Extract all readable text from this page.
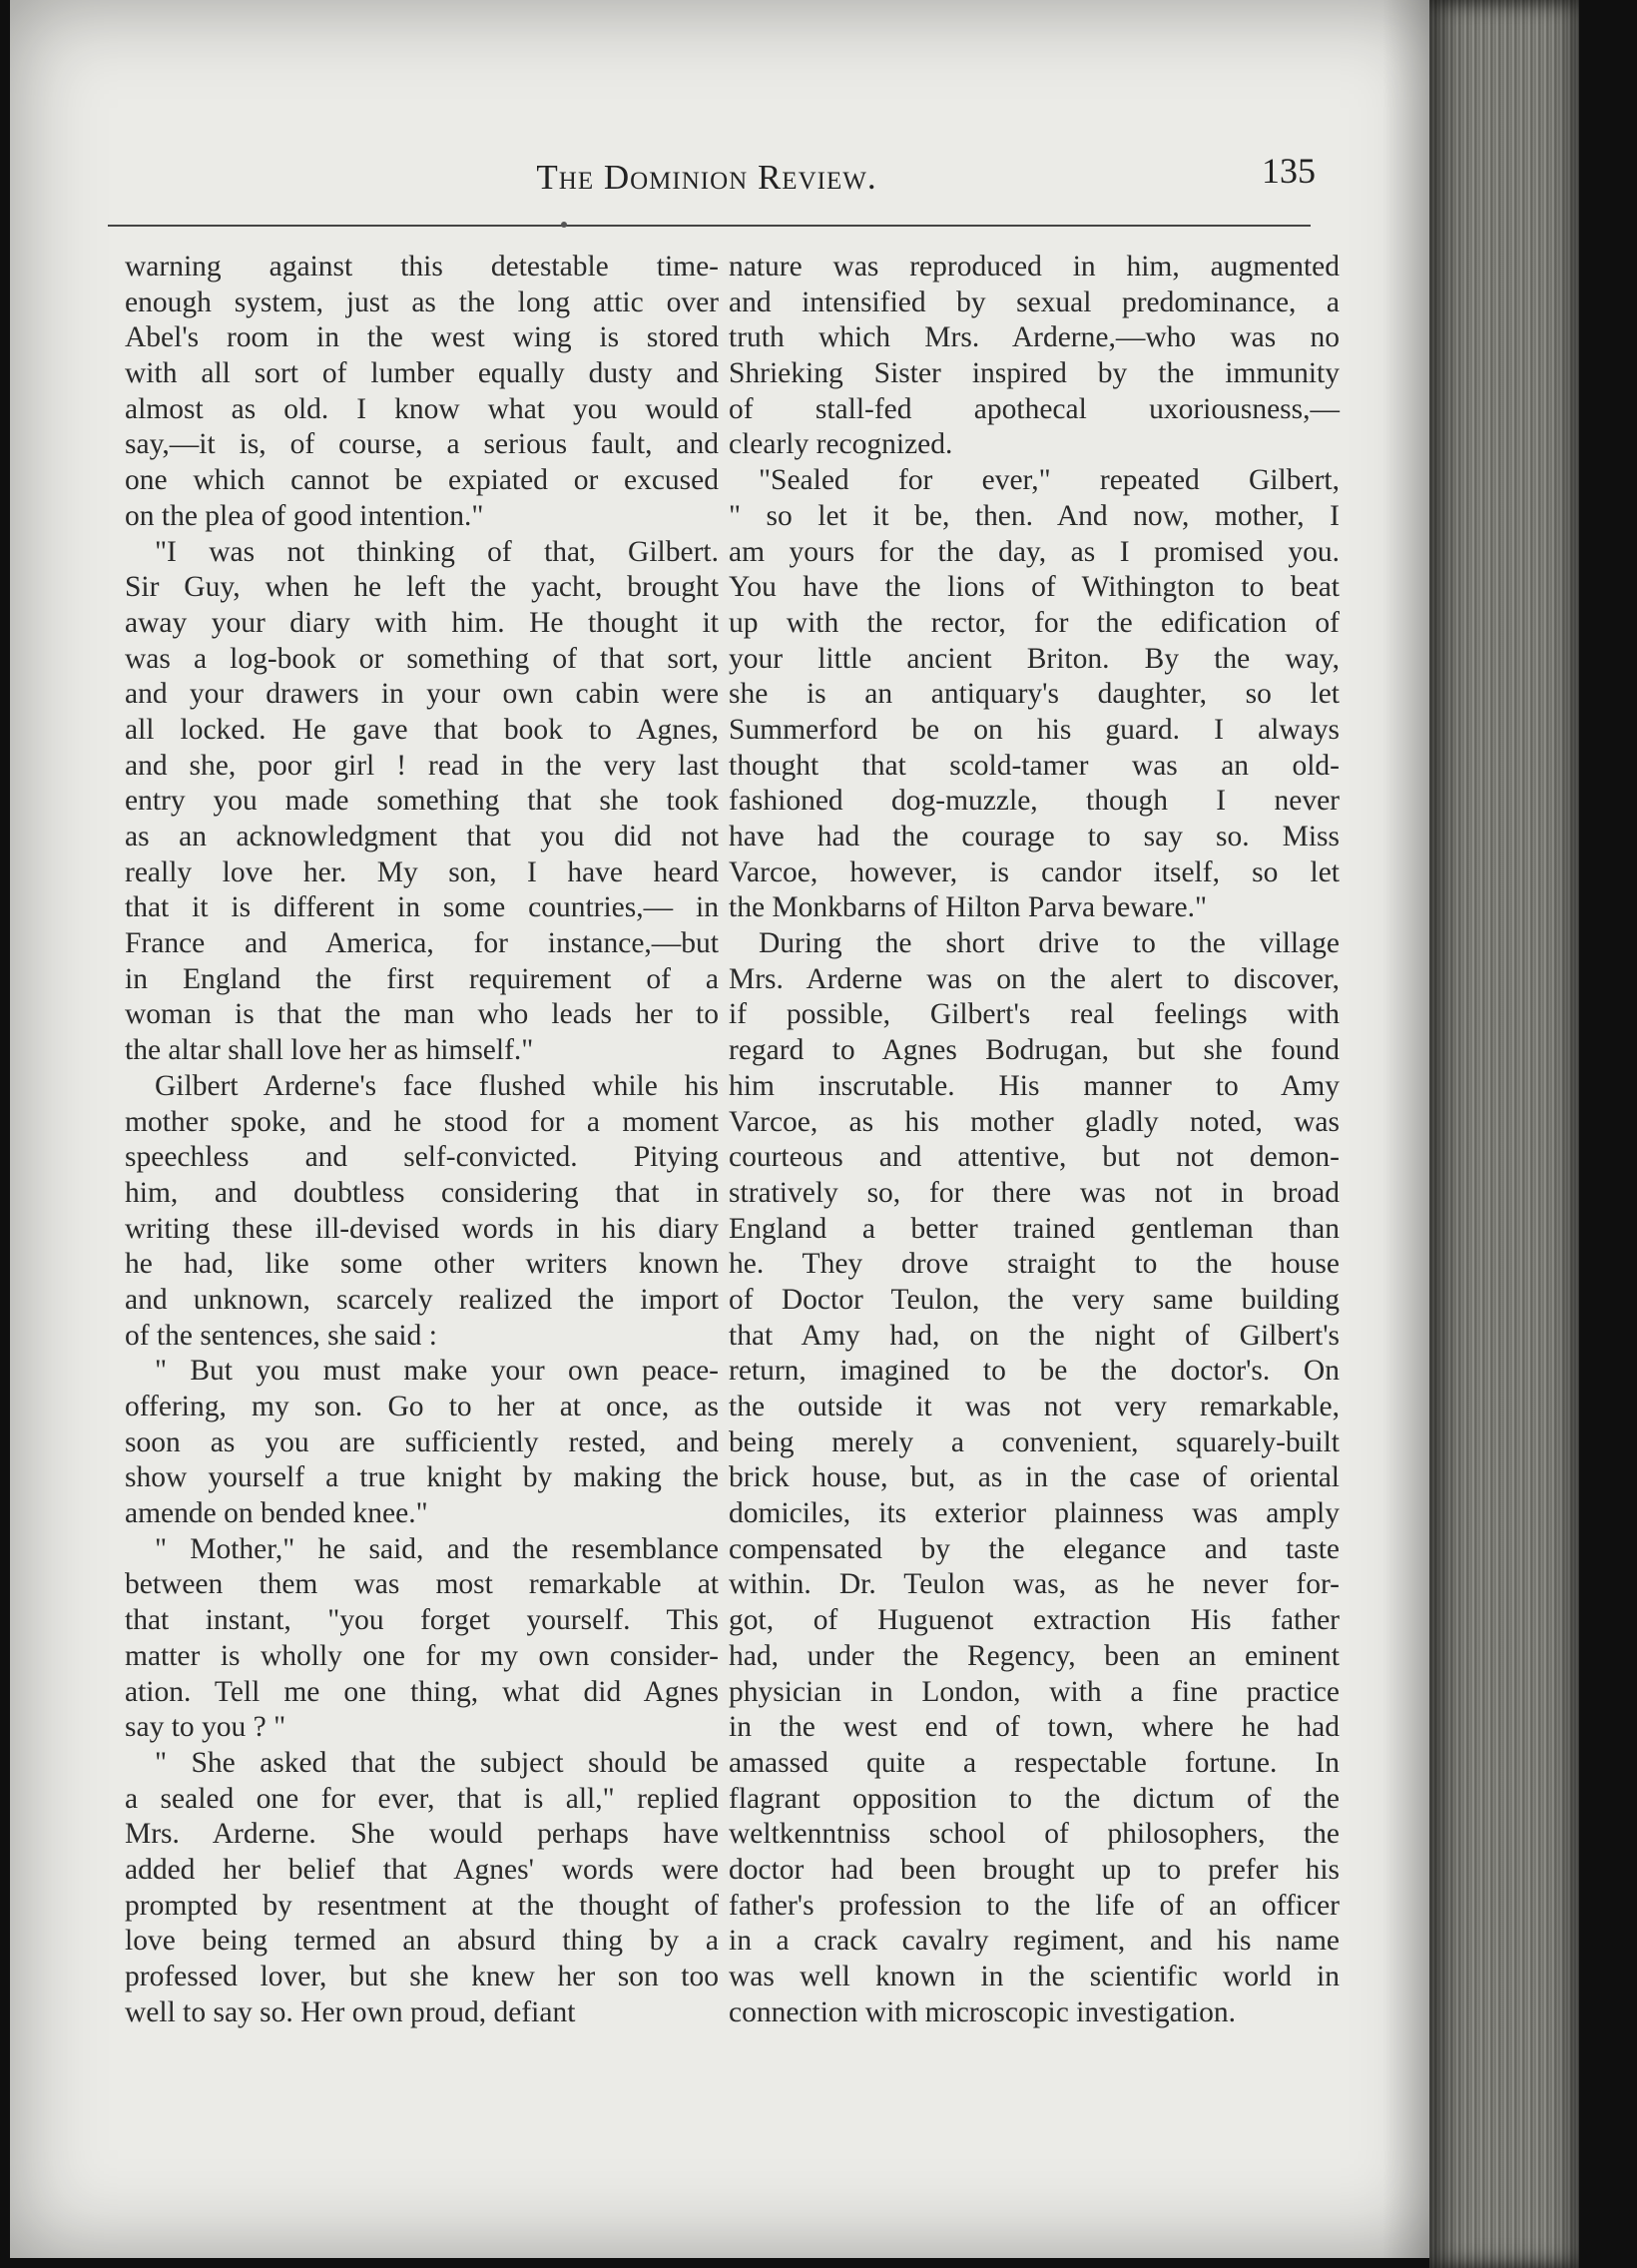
The Dominion Review.	135
warning against this detestable time-
enough system, just as the long attic over
Abel's room in the west wing is stored
with all sort of lumber equally dusty and
almost as old. I know what you would
say,—it is, of course, a serious fault, and
one which cannot be expiated or excused
on the plea of good intention."
"I was not thinking of that, Gilbert.
Sir Guy, when he left the yacht, brought
away your diary with him. He thought it
was a log-book or something of that sort,
and your drawers in your own cabin were
all locked. He gave that book to Agnes,
and she, poor girl ! read in the very last
entry you made something that she took
as an acknowledgment that you did not
really love her. My son, I have heard
that it is different in some countries,— in
France and America, for instance,—but
in England the first requirement of a
woman is that the man who leads her to
the altar shall love her as himself."
Gilbert Arderne's face flushed while his
mother spoke, and he stood for a moment
speechless and self-convicted. Pitying
him, and doubtless considering that in
writing these ill-devised words in his diary
he had, like some other writers known
and unknown, scarcely realized the import
of the sentences, she said :
" But you must make your own peace-
offering, my son. Go to her at once, as
soon as you are sufficiently rested, and
show yourself a true knight by making the
amende on bended knee."
" Mother," he said, and the resemblance
between them was most remarkable at
that instant, "you forget yourself. This
matter is wholly one for my own consider-
ation. Tell me one thing, what did Agnes
say to you ? "
" She asked that the subject should be
a sealed one for ever, that is all," replied
Mrs. Arderne. She would perhaps have
added her belief that Agnes' words were
prompted by resentment at the thought of
love being termed an absurd thing by a
professed lover, but she knew her son too
well to say so. Her own proud, defiant
nature was reproduced in him, augmented
and intensified by sexual predominance, a
truth which Mrs. Arderne,—who was no
Shrieking Sister inspired by the immunity
of stall-fed apothecal uxoriousness,—
clearly recognized.
"Sealed for ever," repeated Gilbert,
" so let it be, then. And now, mother, I
am yours for the day, as I promised you.
You have the lions of Withington to beat
up with the rector, for the edification of
your little ancient Briton. By the way,
she is an antiquary's daughter, so let
Summerford be on his guard. I always
thought that scold-tamer was an old-
fashioned dog-muzzle, though I never
have had the courage to say so. Miss
Varcoe, however, is candor itself, so let
the Monkbarns of Hilton Parva beware."
During the short drive to the village
Mrs. Arderne was on the alert to discover,
if possible, Gilbert's real feelings with
regard to Agnes Bodrugan, but she found
him inscrutable. His manner to Amy
Varcoe, as his mother gladly noted, was
courteous and attentive, but not demon-
stratively so, for there was not in broad
England a better trained gentleman than
he. They drove straight to the house
of Doctor Teulon, the very same building
that Amy had, on the night of Gilbert's
return, imagined to be the doctor's. On
the outside it was not very remarkable,
being merely a convenient, squarely-built
brick house, but, as in the case of oriental
domiciles, its exterior plainness was amply
compensated by the elegance and taste
within. Dr. Teulon was, as he never for-
got, of Huguenot extraction His father
had, under the Regency, been an eminent
physician in London, with a fine practice
in the west end of town, where he had
amassed quite a respectable fortune. In
flagrant opposition to the dictum of the
weltkenntniss school of philosophers, the
doctor had been brought up to prefer his
father's profession to the life of an officer
in a crack cavalry regiment, and his name
was well known in the scientific world in
connection with microscopic investigation.
